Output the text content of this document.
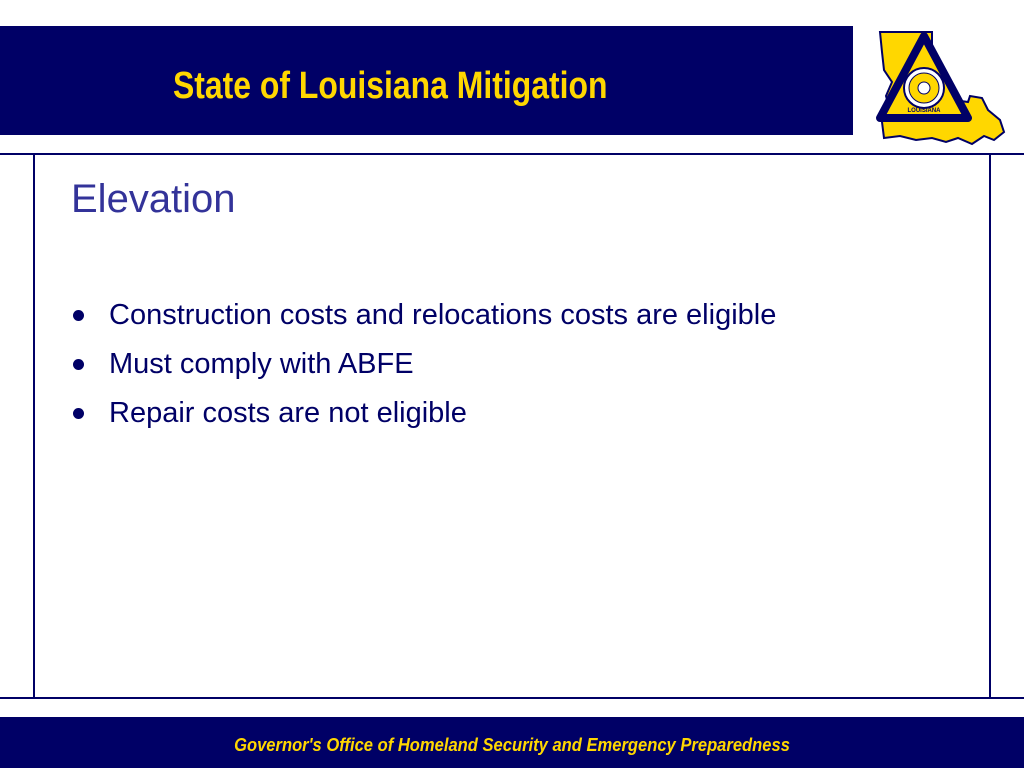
State of Louisiana Mitigation
LOUISIANA
Elevation
Construction costs and relocations costs are eligible
Must comply with ABFE
Repair costs are not eligible
Governor's Office of Homeland Security and Emergency Preparedness
